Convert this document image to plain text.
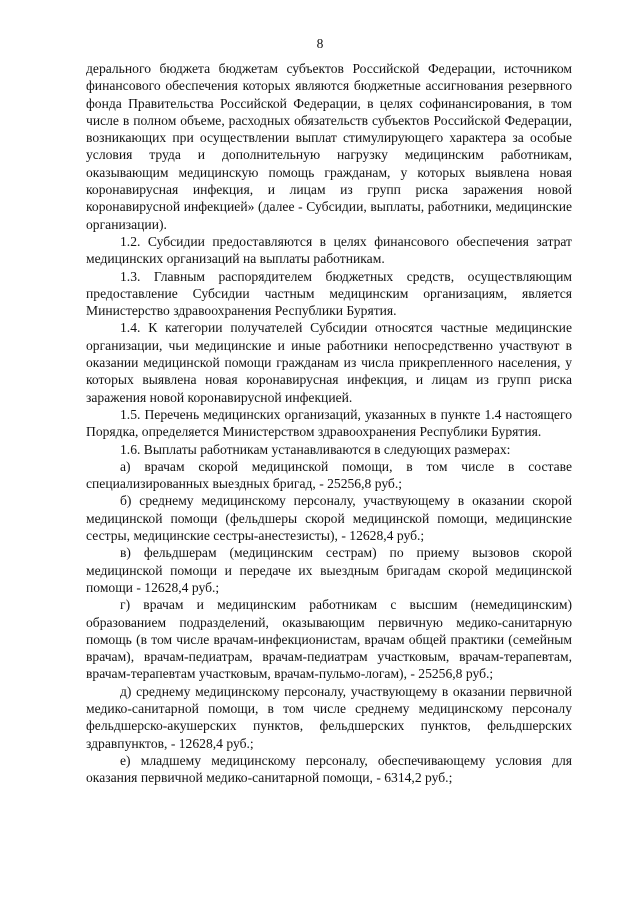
8

дерального бюджета бюджетам субъектов Российской Федерации, источником финансового обеспечения которых являются бюджетные ассигнования резервного фонда Правительства Российской Федерации, в целях софинансирования, в том числе в полном объеме, расходных обязательств субъектов Российской Федерации, возникающих при осуществлении выплат стимулирующего характера за особые условия труда и дополнительную нагрузку медицинским работникам, оказывающим медицинскую помощь гражданам, у которых выявлена новая коронавирусная инфекция, и лицам из групп риска заражения новой коронавирусной инфекцией» (далее - Субсидии, выплаты, работники, медицинские организации).

1.2. Субсидии предоставляются в целях финансового обеспечения затрат медицинских организаций на выплаты работникам.

1.3. Главным распорядителем бюджетных средств, осуществляющим предоставление Субсидии частным медицинским организациям, является Министерство здравоохранения Республики Бурятия.

1.4. К категории получателей Субсидии относятся частные медицинские организации, чьи медицинские и иные работники непосредственно участвуют в оказании медицинской помощи гражданам из числа прикрепленного населения, у которых выявлена новая коронавирусная инфекция, и лицам из групп риска заражения новой коронавирусной инфекцией.

1.5. Перечень медицинских организаций, указанных в пункте 1.4 настоящего Порядка, определяется Министерством здравоохранения Республики Бурятия.

1.6. Выплаты работникам устанавливаются в следующих размерах:

а) врачам скорой медицинской помощи, в том числе в составе специализированных выездных бригад, - 25256,8 руб.;

б) среднему медицинскому персоналу, участвующему в оказании скорой медицинской помощи (фельдшеры скорой медицинской помощи, медицинские сестры, медицинские сестры-анестезисты), - 12628,4 руб.;

в) фельдшерам (медицинским сестрам) по приему вызовов скорой медицинской помощи и передаче их выездным бригадам скорой медицинской помощи - 12628,4 руб.;

г) врачам и медицинским работникам с высшим (немедицинским) образованием подразделений, оказывающим первичную медико-санитарную помощь (в том числе врачам-инфекционистам, врачам общей практики (семейным врачам), врачам-педиатрам, врачам-педиатрам участковым, врачам-терапевтам, врачам-терапевтам участковым, врачам-пульмо-логам), - 25256,8 руб.;

д) среднему медицинскому персоналу, участвующему в оказании первичной медико-санитарной помощи, в том числе среднему медицинскому персоналу фельдшерско-акушерских пунктов, фельдшерских пунктов, фельдшерских здравпунктов, - 12628,4 руб.;

е) младшему медицинскому персоналу, обеспечивающему условия для оказания первичной медико-санитарной помощи, - 6314,2 руб.;
